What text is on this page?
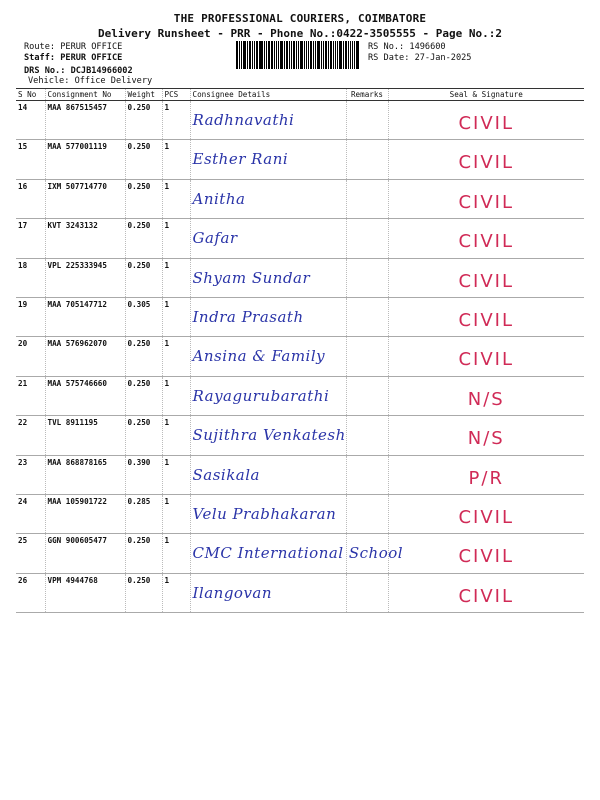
THE PROFESSIONAL COURIERS, COIMBATORE
Delivery Runsheet - PRR - Phone No.:0422-3505555 - Page No.:2
Route: PERUR OFFICE
Staff: PERUR OFFICE
DRS No.: DCJB14966002
Vehicle: Office Delivery
RS No.: 1496600
RS Date: 27-Jan-2025
S No	Consignment No	Weight	PCS	Consignee Details	Remarks	Seal & Signature
14	MAA 867515457	0.250	1	Radhnavathi		CIVIL

15	MAA 577001119	0.250	1	Esther Rani		CIVIL

16	IXM 507714770	0.250	1	Anitha		CIVIL

17	KVT 3243132	0.250	1	Gafar		CIVIL

18	VPL 225333945	0.250	1	Shyam Sundar		CIVIL

19	MAA 705147712	0.305	1	Indra Prasath		CIVIL

20	MAA 576962070	0.250	1	Ansina & Family		CIVIL

21	MAA 575746660	0.250	1	Rayagurubarathi		N/S

22	TVL 8911195	0.250	1	Sujithra Venkatesh		N/S

23	MAA 868878165	0.390	1	Sasikala		P/R

24	MAA 105901722	0.285	1	Velu Prabhakaran		CIVIL

25	GGN 900605477	0.250	1	CMC International School		CIVIL

26	VPM 4944768	0.250	1	Ilangovan		CIVIL
